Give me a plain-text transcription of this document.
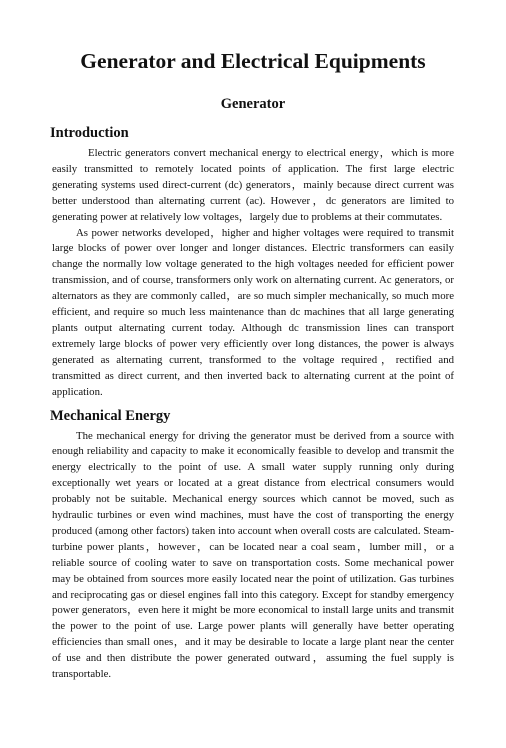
Generator and Electrical Equipments
Generator
Introduction

Electric generators convert mechanical energy to electrical energy，which is more easily transmitted to remotely located points of application. The first large electric generating systems used direct-current (dc) generators，mainly because direct current was better understood than alternating current (ac). However，dc generators are limited to generating power at relatively low voltages，largely due to problems at their commutates.

As power networks developed，higher and higher voltages were required to transmit large blocks of power over longer and longer distances. Electric transformers can easily change the normally low voltage generated to the high voltages needed for efficient power transmission, and of course, transformers only work on alternating current. Ac generators, or alternators as they are commonly called，are so much simpler mechanically, so much more efficient, and require so much less maintenance than dc machines that all large generating plants output alternating current today. Although dc transmission lines can transport extremely large blocks of power very efficiently over long distances, the power is always generated as alternating current, transformed to the voltage required，rectified and transmitted as direct current, and then inverted back to alternating current at the point of application.

Mechanical Energy

The mechanical energy for driving the generator must be derived from a source with enough reliability and capacity to make it economically feasible to develop and transmit the energy electrically to the point of use. A small water supply running only during exceptionally wet years or located at a great distance from electrical consumers would probably not be suitable. Mechanical energy sources which cannot be moved, such as hydraulic turbines or even wind machines, must have the cost of transporting the energy produced (among other factors) taken into account when overall costs are calculated. Steam-turbine power plants，however，can be located near a coal seam，lumber mill，or a reliable source of cooling water to save on transportation costs. Some mechanical power may be obtained from sources more easily located near the point of utilization. Gas turbines and reciprocating gas or diesel engines fall into this category. Except for standby emergency power generators，even here it might be more economical to install large units and transmit the power to the point of use. Large power plants will generally have better operating efficiencies than small ones，and it may be desirable to locate a large plant near the center of use and then distribute the power generated outward，assuming the fuel supply is transportable.
